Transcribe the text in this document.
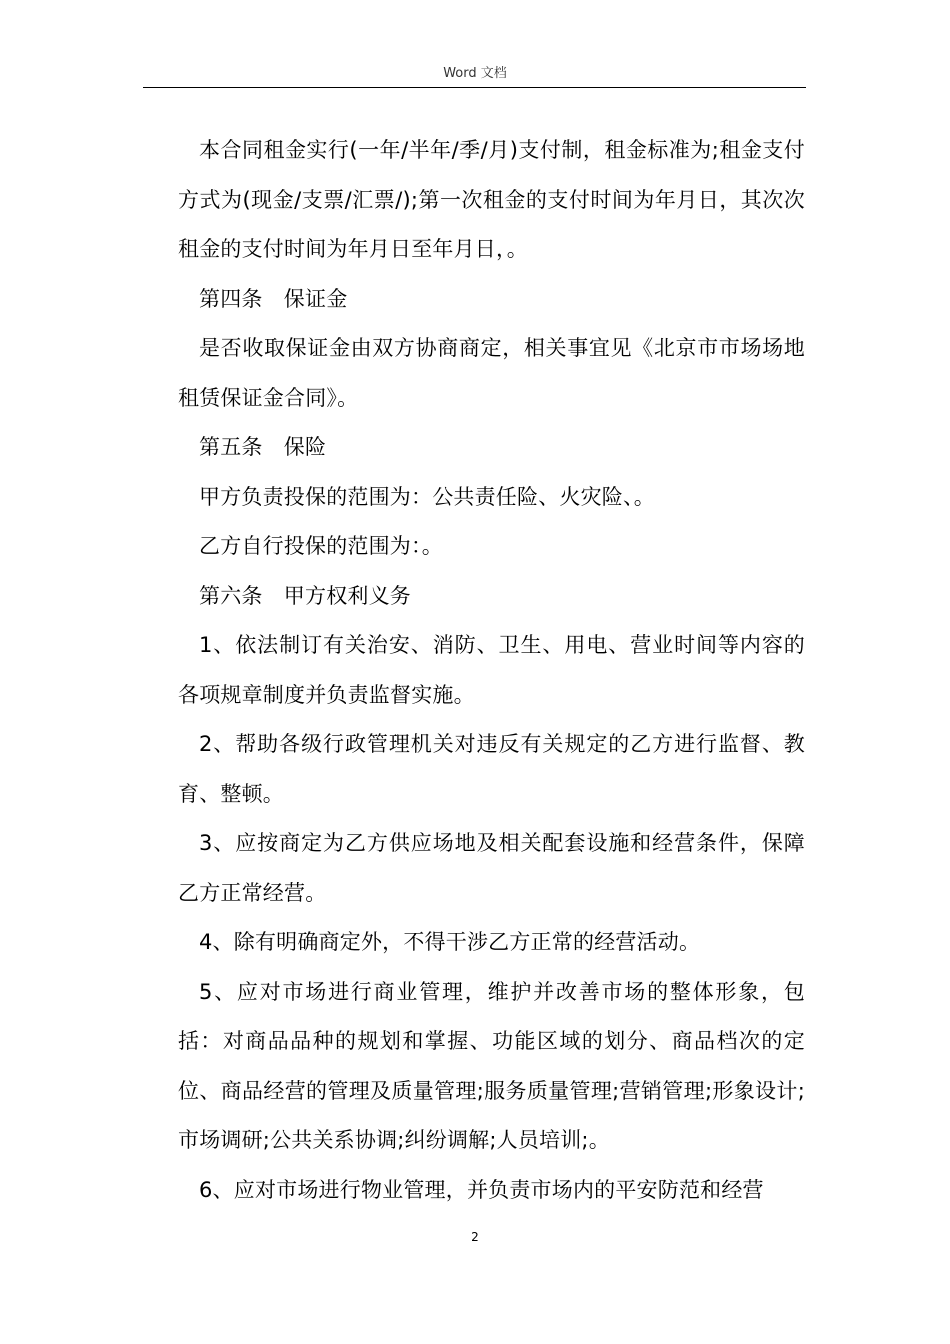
Word 文档

本合同租金实行(一年/半年/季/月)支付制，租金标准为;租金支付方式为(现金/支票/汇票/);第一次租金的支付时间为年月日，其次次租金的支付时间为年月日至年月日，。

第四条　保证金

是否收取保证金由双方协商商定，相关事宜见《北京市市场场地租赁保证金合同》。

第五条　保险

甲方负责投保的范围为：公共责任险、火灾险、。

乙方自行投保的范围为：。

第六条　甲方权利义务

1、依法制订有关治安、消防、卫生、用电、营业时间等内容的各项规章制度并负责监督实施。

2、帮助各级行政管理机关对违反有关规定的乙方进行监督、教育、整顿。

3、应按商定为乙方供应场地及相关配套设施和经营条件，保障乙方正常经营。

4、除有明确商定外，不得干涉乙方正常的经营活动。

5、应对市场进行商业管理，维护并改善市场的整体形象，包括：对商品品种的规划和掌握、功能区域的划分、商品档次的定位、商品经营的管理及质量管理;服务质量管理;营销管理;形象设计;市场调研;公共关系协调;纠纷调解;人员培训;。

6、应对市场进行物业管理，并负责市场内的平安防范和经营

2
